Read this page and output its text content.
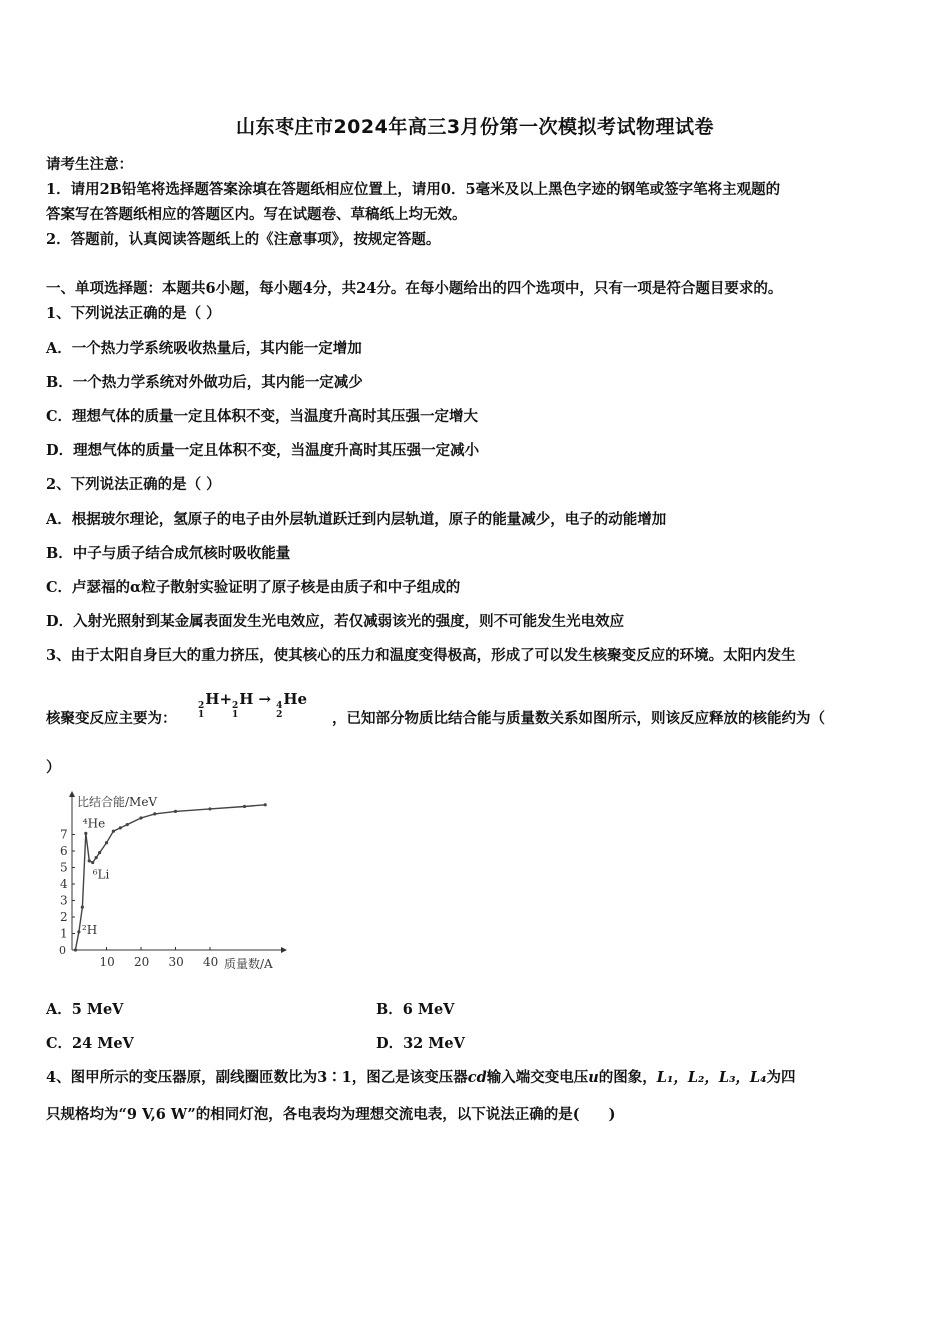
山东枣庄市2024年高三3月份第一次模拟考试物理试卷
请考生注意：
1．请用2B铅笔将选择题答案涂填在答题纸相应位置上，请用0．5毫米及以上黑色字迹的钢笔或签字笔将主观题的
答案写在答题纸相应的答题区内。写在试题卷、草稿纸上均无效。
2．答题前，认真阅读答题纸上的《注意事项》，按规定答题。
一、单项选择题：本题共6小题，每小题4分，共24分。在每小题给出的四个选项中，只有一项是符合题目要求的。
1、下列说法正确的是（ ）
A．一个热力学系统吸收热量后，其内能一定增加
B．一个热力学系统对外做功后，其内能一定减少
C．理想气体的质量一定且体积不变，当温度升高时其压强一定增大
D．理想气体的质量一定且体积不变，当温度升高时其压强一定减小
2、下列说法正确的是（ ）
A．根据玻尔理论，氢原子的电子由外层轨道跃迁到内层轨道，原子的能量减少，电子的动能增加
B．中子与质子结合成氘核时吸收能量
C．卢瑟福的α粒子散射实验证明了原子核是由质子和中子组成的
D．入射光照射到某金属表面发生光电效应，若仅减弱该光的强度，则不可能发生光电效应
3、由于太阳自身巨大的重力挤压，使其核心的压力和温度变得极高，形成了可以发生核聚变反应的环境。太阳内发生
核聚变反应主要为：
2
1
H+ 2
1
H → 4
2
He
，已知部分物质比结合能与质量数关系如图所示，则该反应释放的核能约为（
）
比结合能/MeV
质量数/A
0
10 20 30 40
1
2
3
4
5
6
7
⁴He
⁶Li
²H
A．5 MeV	B．6 MeV
C．24 MeV	D．32 MeV
4、图甲所示的变压器原，副线圈匝数比为3∶1，图乙是该变压器cd输入端交变电压u的图象，L₁，L₂，L₃，L₄为四
只规格均为“9 V,6 W”的相同灯泡，各电表均为理想交流电表，以下说法正确的是(　　)
